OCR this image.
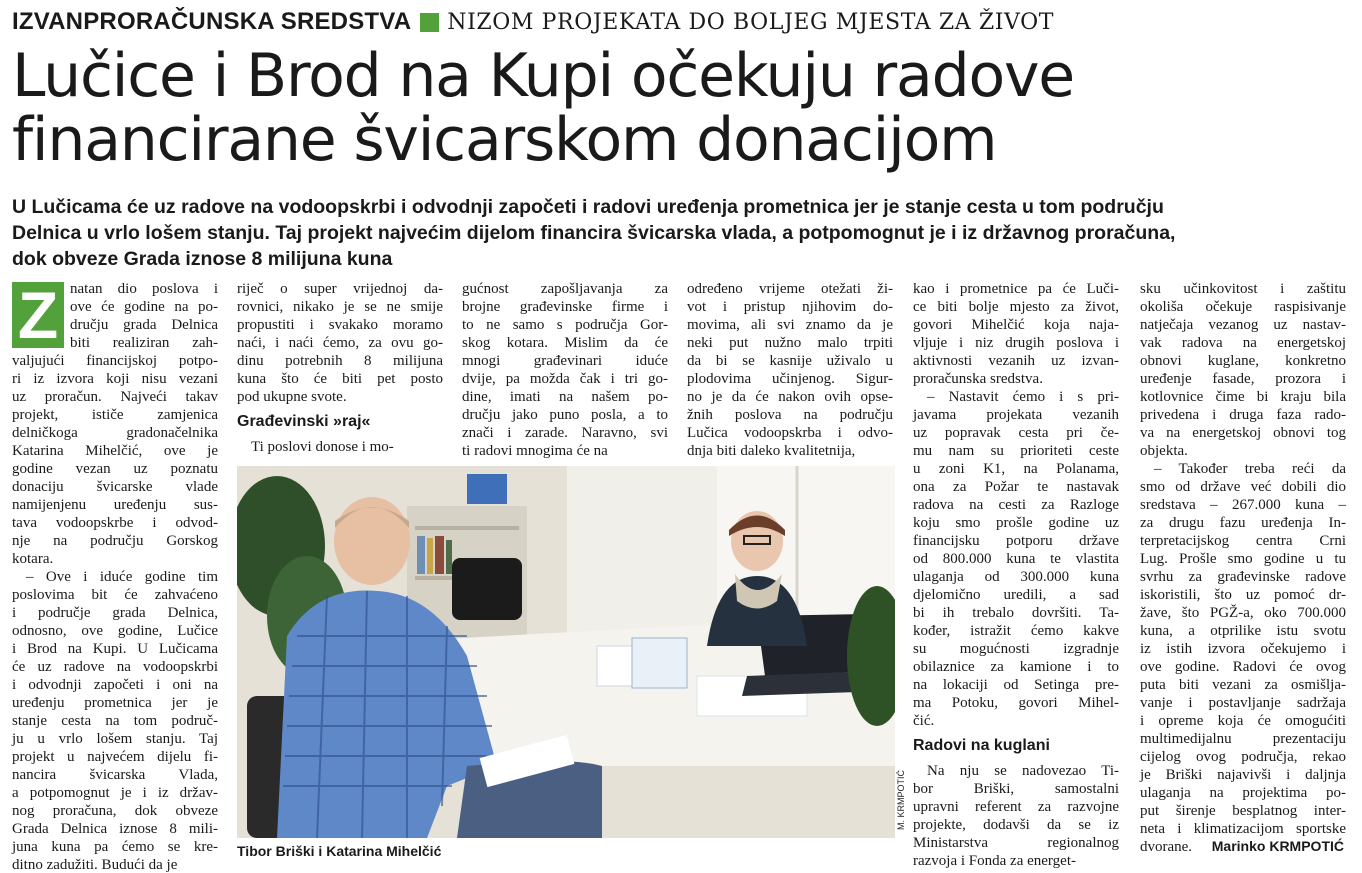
IZVANPRORAČUNSKA SREDSTVA NIZOM PROJEKATA DO BOLJEG MJESTA ZA ŽIVOT
Lučice i Brod na Kupi očekuju radove
financirane švicarskom donacijom
U Lučicama će uz radove na vodoopskrbi i odvodnji započeti i radovi uređenja prometnica jer je stanje cesta u tom području
Delnica u vrlo lošem stanju. Taj projekt najvećim dijelom financira švicarska vlada, a potpomognut je i iz državnog proračuna,
dok obveze Grada iznose 8 milijuna kuna
Z natan dio poslova i
ove će godine na po-
dručju grada Delnica
biti realiziran zah-
valjujući financijskoj potpo-
ri iz izvora koji nisu vezani
uz proračun. Najveći takav
projekt, ističe zamjenica
delničkoga gradonačelnika
Katarina Mihelčić, ove je
godine vezan uz poznatu
donaciju švicarske vlade
namijenjenu uređenju sus-
tava vodoopskrbe i odvod-
nje na području Gorskog
kotara.
– Ove i iduće godine tim
poslovima bit će zahvaćeno
i područje grada Delnica,
odnosno, ove godine, Lučice
i Brod na Kupi. U Lučicama
će uz radove na vodoopskrbi
i odvodnji započeti i oni na
uređenju prometnica jer je
stanje cesta na tom područ-
ju u vrlo lošem stanju. Taj
projekt u najvećem dijelu fi-
nancira švicarska Vlada,
a potpomognut je i iz držav-
nog proračuna, dok obveze
Grada Delnica iznose 8 mili-
juna kuna pa ćemo se kre-
ditno zadužiti. Budući da je
riječ o super vrijednoj da-
rovnici, nikako je se ne smije
propustiti i svakako moramo
naći, i naći ćemo, za ovu go-
dinu potrebnih 8 milijuna
kuna što će biti pet posto
pod ukupne svote.
Građevinski »raj«
Ti poslovi donose i mo-
gućnost zapošljavanja za
brojne građevinske firme i
to ne samo s područja Gor-
skog kotara. Mislim da će
mnogi građevinari iduće
dvije, pa možda čak i tri go-
dine, imati na našem po-
dručju jako puno posla, a to
znači i zarade. Naravno, svi
ti radovi mnogima će na
određeno vrijeme otežati ži-
vot i pristup njihovim do-
movima, ali svi znamo da je
neki put nužno malo trpiti
da bi se kasnije uživalo u
plodovima učinjenog. Sigur-
no je da će nakon ovih opse-
žnih poslova na području
Lučica vodoopskrba i odvo-
dnja biti daleko kvalitetnija,
kao i prometnice pa će Luči-
ce biti bolje mjesto za život,
govori Mihelčić koja naja-
vljuje i niz drugih poslova i
aktivnosti vezanih uz izvan-
proračunska sredstva.
– Nastavit ćemo i s pri-
javama projekata vezanih
uz popravak cesta pri če-
mu nam su prioriteti ceste
u zoni K1, na Polanama,
ona za Požar te nastavak
radova na cesti za Razloge
koju smo prošle godine uz
financijsku potporu države
od 800.000 kuna te vlastita
ulaganja od 300.000 kuna
djelomično uredili, a sad
bi ih trebalo dovršiti. Ta-
kođer, istražit ćemo kakve
su mogućnosti izgradnje
obilaznice za kamione i to
na lokaciji od Setinga pre-
ma Potoku, govori Mihel-
čić.
Radovi na kuglani
Na nju se nadovezao Ti-
bor Briški, samostalni
upravni referent za razvojne
projekte, dodavši da se iz
Ministarstva regionalnog
razvoja i Fonda za energet-
sku učinkovitost i zaštitu
okoliša očekuje raspisivanje
natječaja vezanog uz nastav-
vak radova na energetskoj
obnovi kuglane, konkretno
uređenje fasade, prozora i
kotlovnice čime bi kraju bila
privedena i druga faza rado-
va na energetskoj obnovi tog
objekta.
– Također treba reći da
smo od države već dobili dio
sredstava – 267.000 kuna –
za drugu fazu uređenja In-
terpretacijskog centra Crni
Lug. Prošle smo godine u tu
svrhu za građevinske radove
iskoristili, što uz pomoć dr-
žave, što PGŽ-a, oko 700.000
kuna, a otprilike istu svotu
iz istih izvora očekujemo i
ove godine. Radovi će ovog
puta biti vezani za osmišlja-
vanje i postavljanje sadržaja
i opreme koja će omogućiti
multimedijalnu prezentaciju
cijelog ovog područja, rekao
je Briški najavivši i daljnja
ulaganja na projektima po-
put širenje besplatnog inter-
neta i klimatizacijom sportske
dvorane.	Marinko KRMPOTIĆ
M. KRMPOTIĆ
Tibor Briški i Katarina Mihelčić
